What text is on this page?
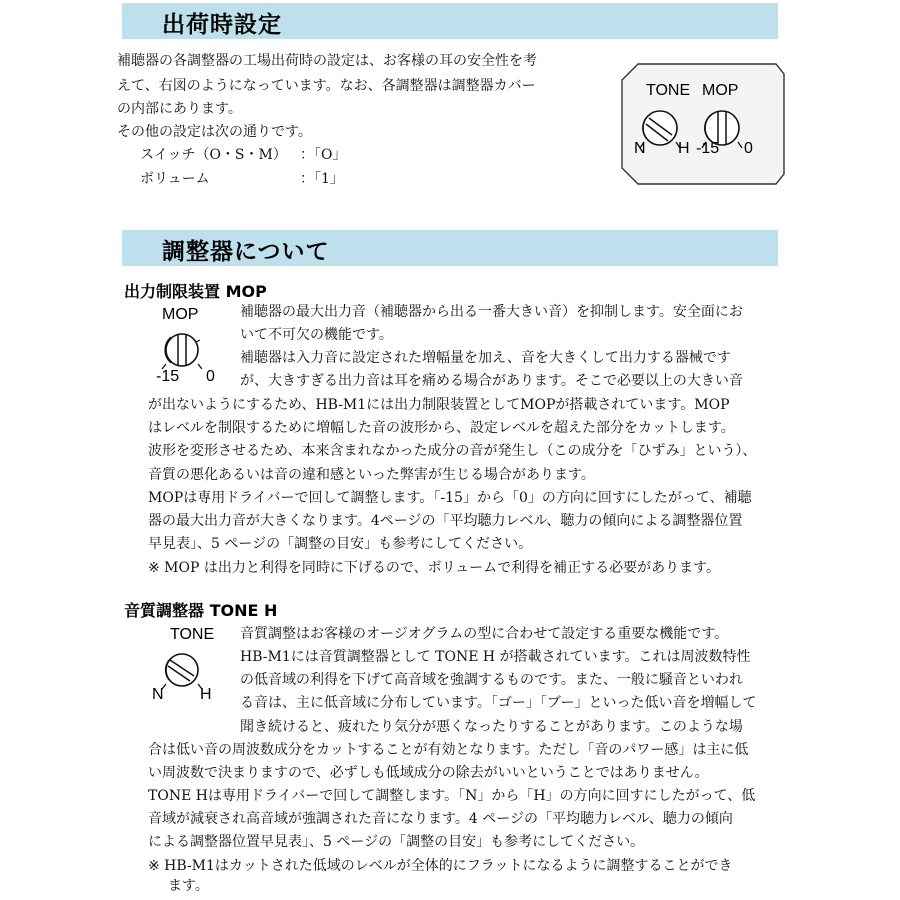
出荷時設定
補聴器の各調整器の工場出荷時の設定は、お客様の耳の安全性を考
えて、右図のようになっています。なお、各調整器は調整器カバー
の内部にあります。
その他の設定は次の通りです。
スイッチ（O・S・M） ：「O」
ボリューム	：「1」
TONE MOP
N H -15 0
調整器について
出力制限装置 MOP
MOP
-15 0
補聴器の最大出力音（補聴器から出る一番大きい音）を抑制します。安全面にお
いて不可欠の機能です。
補聴器は入力音に設定された増幅量を加え、音を大きくして出力する器械です
が、大きすぎる出力音は耳を痛める場合があります。そこで必要以上の大きい音
が出ないようにするため、HB-M1には出力制限装置としてMOPが搭載されています。MOP
はレベルを制限するために増幅した音の波形から、設定レベルを超えた部分をカットします。
波形を変形させるため、本来含まれなかった成分の音が発生し（この成分を「ひずみ」という）、
音質の悪化あるいは音の違和感といった弊害が生じる場合があります。
MOPは専用ドライバーで回して調整します。「-15」から「0」の方向に回すにしたがって、補聴
器の最大出力音が大きくなります。4ページの「平均聴力レベル、聴力の傾向による調整器位置
早見表」、5 ページの「調整の目安」も参考にしてください。
※ MOP は出力と利得を同時に下げるので、ボリュームで利得を補正する必要があります。
音質調整器 TONE H
TONE
N H
音質調整はお客様のオージオグラムの型に合わせて設定する重要な機能です。
HB-M1には音質調整器として TONE H が搭載されています。これは周波数特性
の低音域の利得を下げて高音域を強調するものです。また、一般に騒音といわれ
る音は、主に低音域に分布しています。「ゴー」「ブー」といった低い音を増幅して
聞き続けると、疲れたり気分が悪くなったりすることがあります。このような場
合は低い音の周波数成分をカットすることが有効となります。ただし「音のパワー感」は主に低
い周波数で決まりますので、必ずしも低域成分の除去がいいということではありません。
TONE Hは専用ドライバーで回して調整します。「N」から「H」の方向に回すにしたがって、低
音域が減衰され高音域が強調された音になります。4 ページの「平均聴力レベル、聴力の傾向
による調整器位置早見表」、5 ページの「調整の目安」も参考にしてください。
※ HB-M1はカットされた低域のレベルが全体的にフラットになるように調整することができ
ます。
